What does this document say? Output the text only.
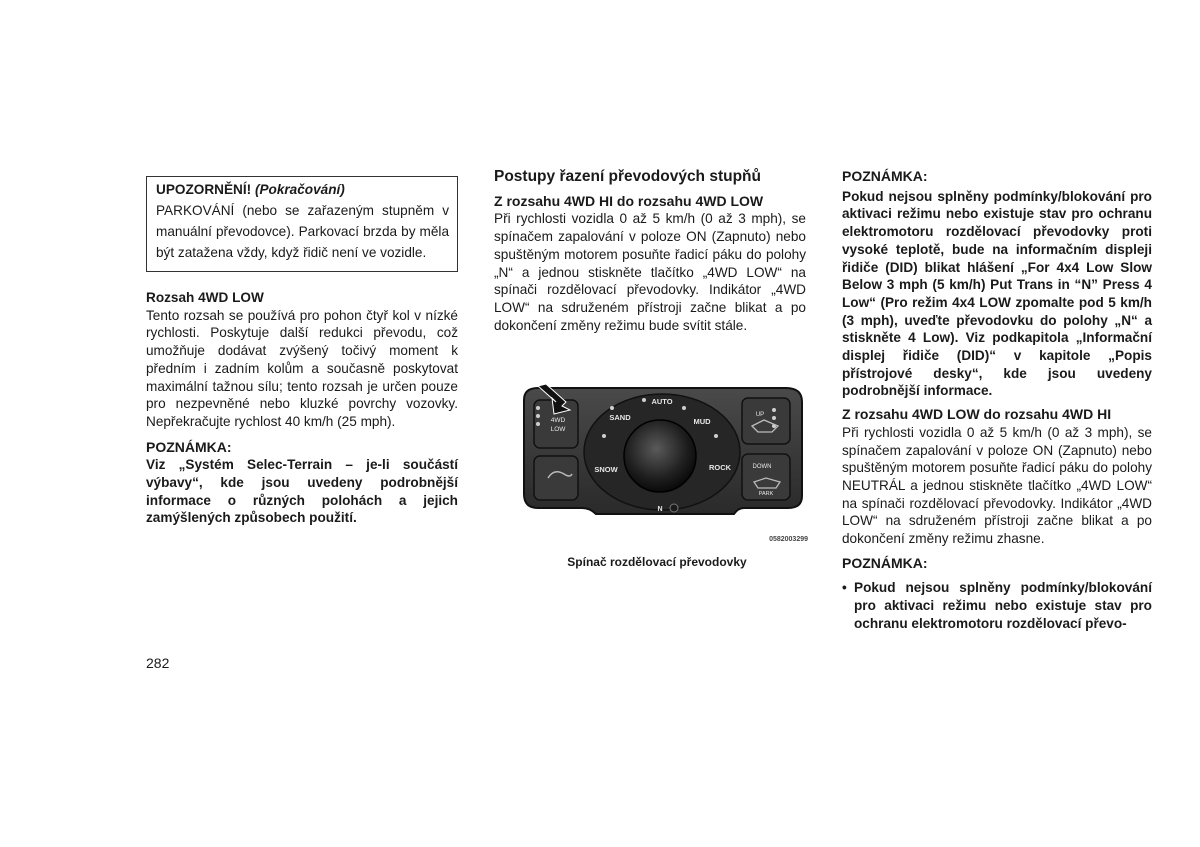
UPOZORNĚNÍ! (Pokračování)
PARKOVÁNÍ (nebo se zařazeným stupněm v manuální převodovce). Parkovací brzda by měla být zatažena vždy, když řidič není ve vozidle.
Rozsah 4WD LOW
Tento rozsah se používá pro pohon čtyř kol v nízké rychlosti. Poskytuje další redukci převodu, což umožňuje dodávat zvýšený točivý moment k předním i zadním kolům a současně poskytovat maximální tažnou sílu; tento rozsah je určen pouze pro nezpevněné nebo kluzké povrchy vozovky. Nepřekračujte rychlost 40 km/h (25 mph).
POZNÁMKA:
Viz „Systém Selec-Terrain – je-li součástí výbavy“, kde jsou uvedeny podrobnější informace o různých polohách a jejich zamýšlených způsobech použití.
Postupy řazení převodových stupňů
Z rozsahu 4WD HI do rozsahu 4WD LOW
Při rychlosti vozidla 0 až 5 km/h (0 až 3 mph), se spínačem zapalování v poloze ON (Zapnuto) nebo spuštěným motorem posuňte řadicí páku do polohy „N“ a jednou stiskněte tlačítko „4WD LOW“ na spínači rozdělovací převodovky. Indikátor „4WD LOW“ na sdruženém přístroji začne blikat a po dokončení změny režimu bude svítit stále.
AUTO
SAND	MUD
SNOW	ROCK
4WD
LOW
UP
DOWN
PARK
N
0582003299
Spínač rozdělovací převodovky
POZNÁMKA:
Pokud nejsou splněny podmínky/blokování pro aktivaci režimu nebo existuje stav pro ochranu elektromotoru rozdělovací převodovky proti vysoké teplotě, bude na informačním displeji řidiče (DID) blikat hlášení „For 4x4 Low Slow Below 3 mph (5 km/h) Put Trans in “N” Press 4 Low“ (Pro režim 4x4 LOW zpomalte pod 5 km/h (3 mph), uveďte převodovku do polohy „N“ a stiskněte 4 Low). Viz podkapitola „Informační displej řidiče (DID)“ v kapitole „Popis přístrojové desky“, kde jsou uvedeny podrobnější informace.
Z rozsahu 4WD LOW do rozsahu 4WD HI
Při rychlosti vozidla 0 až 5 km/h (0 až 3 mph), se spínačem zapalování v poloze ON (Zapnuto) nebo spuštěným motorem posuňte řadicí páku do polohy NEUTRÁL a jednou stiskněte tlačítko „4WD LOW“ na spínači rozdělovací převodovky. Indikátor „4WD LOW“ na sdruženém přístroji začne blikat a po dokončení změny režimu zhasne.
POZNÁMKA:
• Pokud nejsou splněny podmínky/blokování pro aktivaci režimu nebo existuje stav pro ochranu elektromotoru rozdělovací převo-
282
